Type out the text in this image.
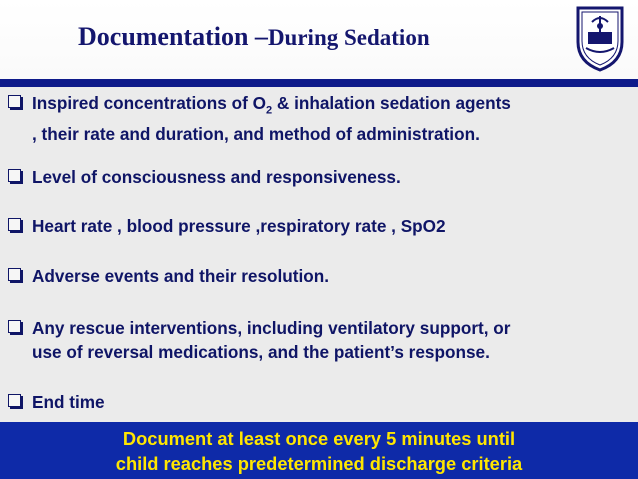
Documentation –During Sedation
Inspired concentrations of $O_2$ & inhalation sedation agents
, their rate and duration, and method of administration.
Level of consciousness and responsiveness.
Heart rate , blood pressure ,respiratory rate , SpO2
Adverse events and their resolution.
Any rescue interventions, including ventilatory support, or
use of reversal medications, and the patient’s response.
End time
Document at least once every 5 minutes until
child reaches predetermined discharge criteria
